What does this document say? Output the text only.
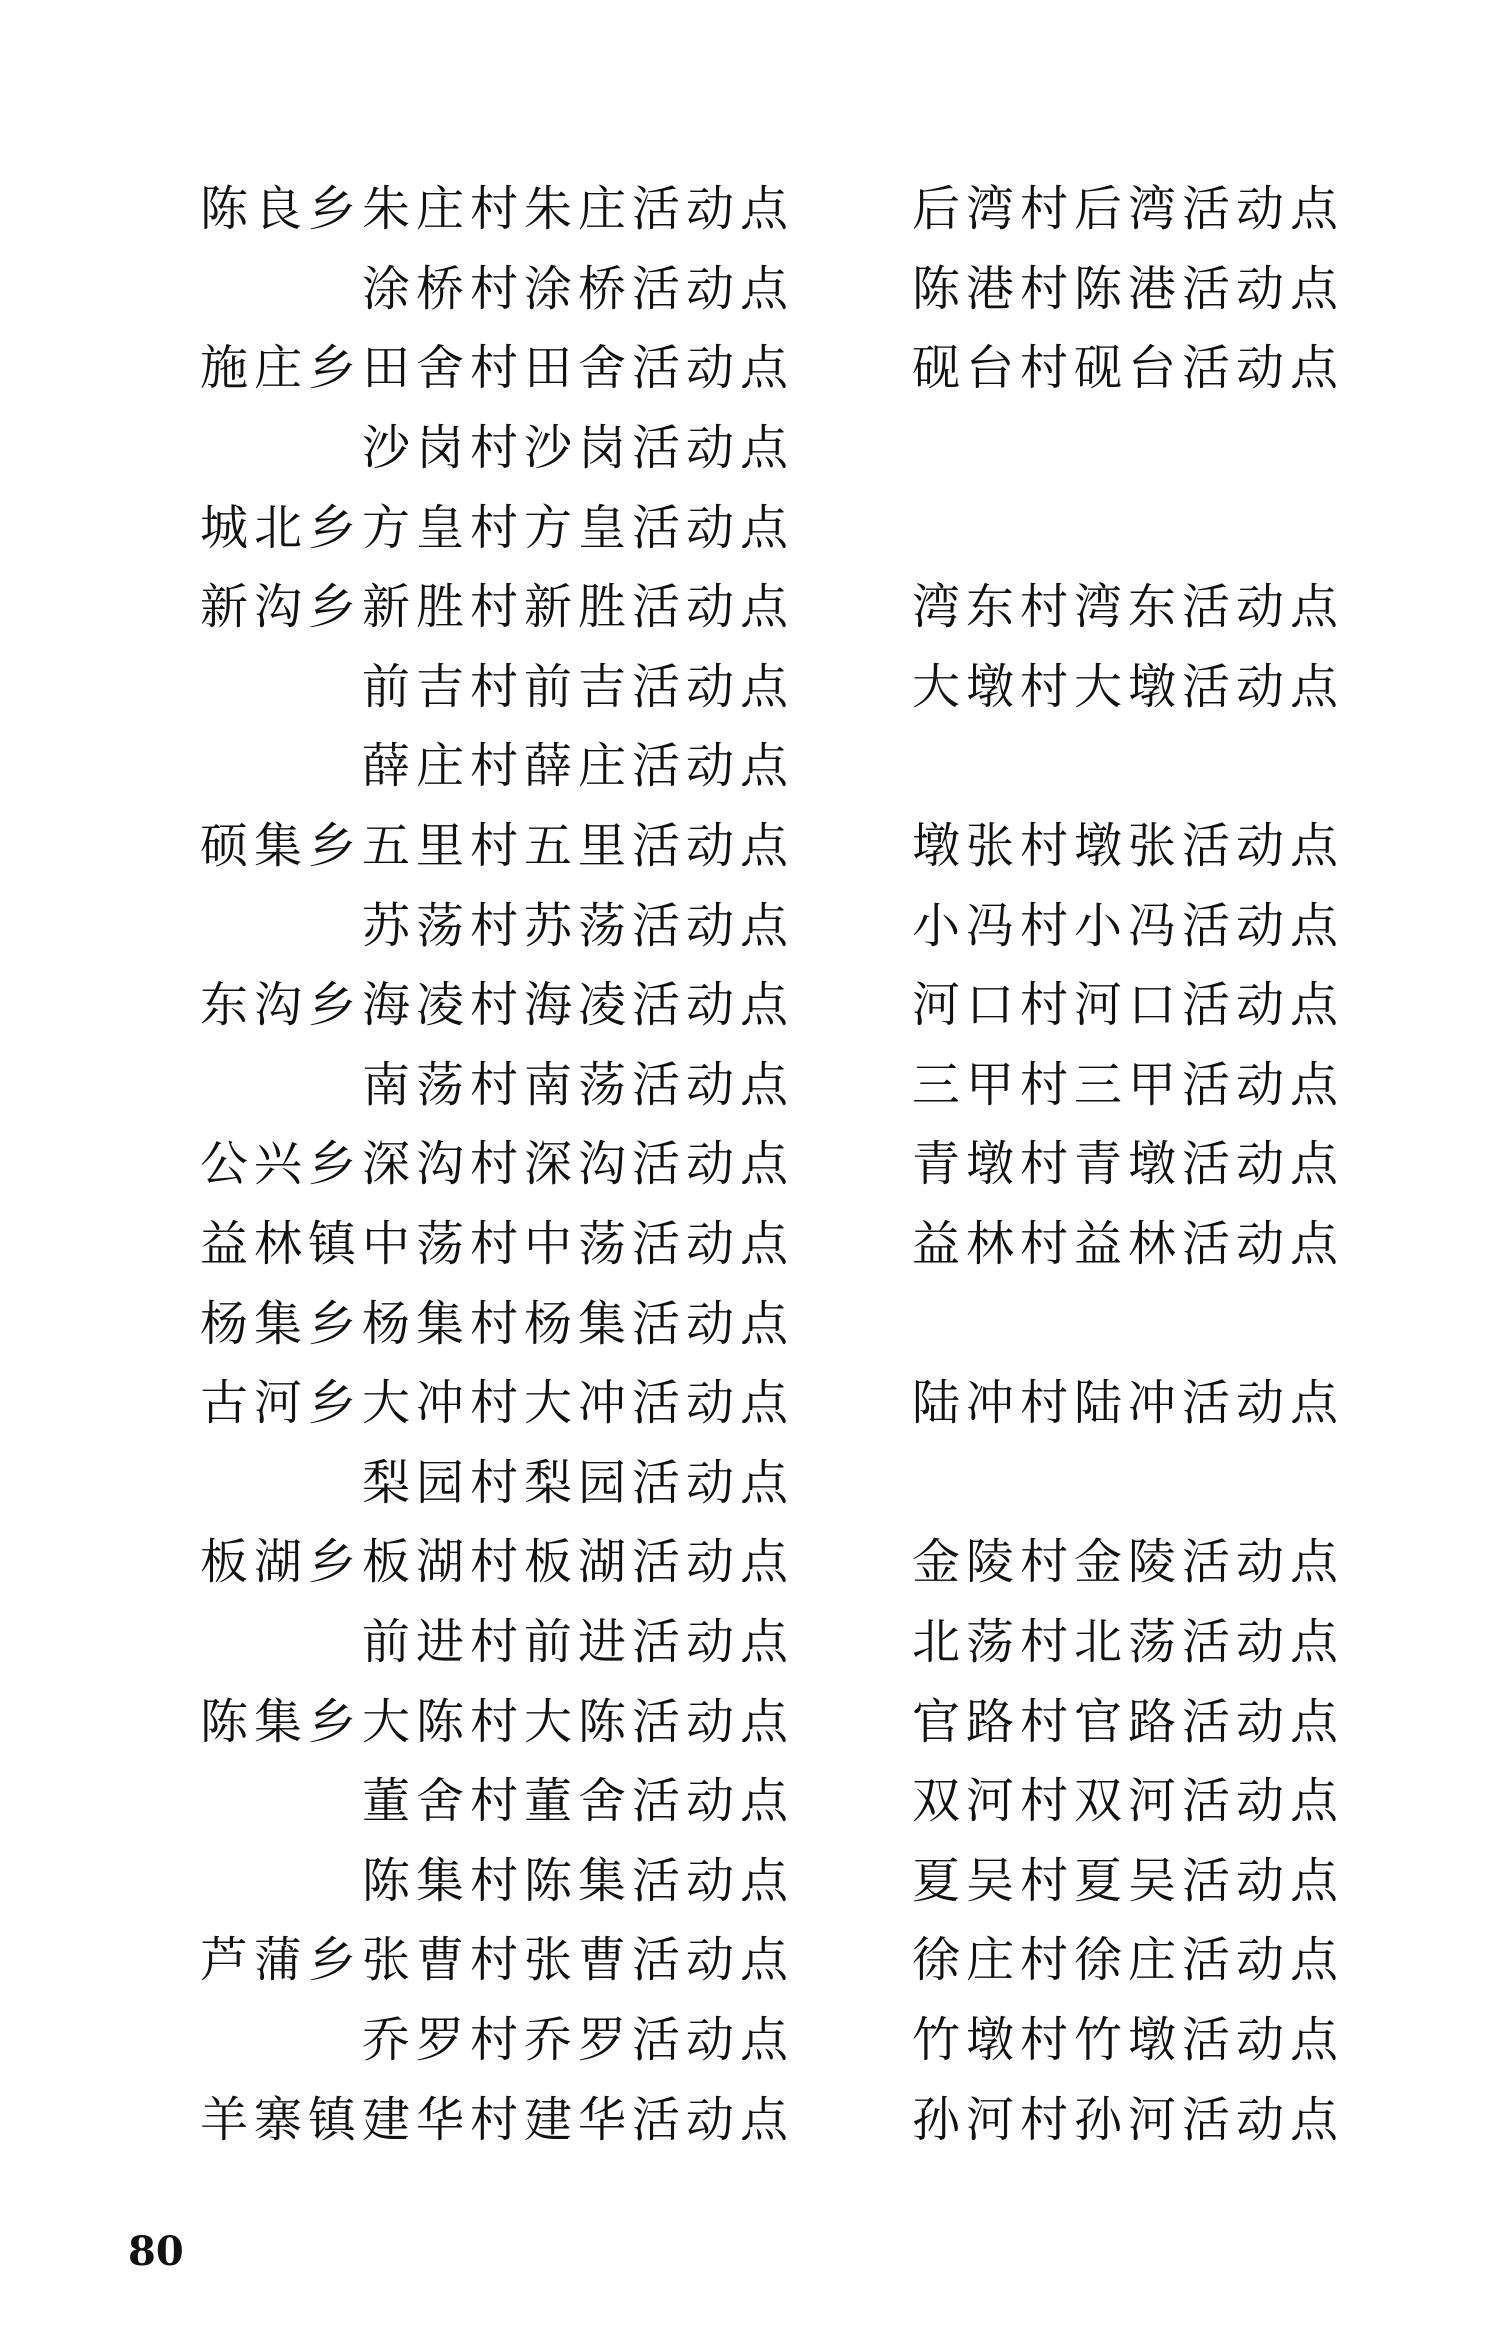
陈良乡 朱庄村朱庄活动点 后湾村后湾活动点
涂桥村涂桥活动点 陈港村陈港活动点
施庄乡 田舍村田舍活动点 砚台村砚台活动点
沙岗村沙岗活动点
城北乡 方皇村方皇活动点
新沟乡 新胜村新胜活动点 湾东村湾东活动点
前吉村前吉活动点 大墩村大墩活动点
薛庄村薛庄活动点
硕集乡 五里村五里活动点 墩张村墩张活动点
苏荡村苏荡活动点 小冯村小冯活动点
东沟乡 海凌村海凌活动点 河口村河口活动点
南荡村南荡活动点 三甲村三甲活动点
公兴乡 深沟村深沟活动点 青墩村青墩活动点
益林镇 中荡村中荡活动点 益林村益林活动点
杨集乡 杨集村杨集活动点
古河乡 大冲村大冲活动点 陆冲村陆冲活动点
梨园村梨园活动点
板湖乡 板湖村板湖活动点 金陵村金陵活动点
前进村前进活动点 北荡村北荡活动点
陈集乡 大陈村大陈活动点 官路村官路活动点
董舍村董舍活动点 双河村双河活动点
陈集村陈集活动点 夏吴村夏吴活动点
芦蒲乡 张曹村张曹活动点 徐庄村徐庄活动点
乔罗村乔罗活动点 竹墩村竹墩活动点
羊寨镇 建华村建华活动点 孙河村孙河活动点
80
